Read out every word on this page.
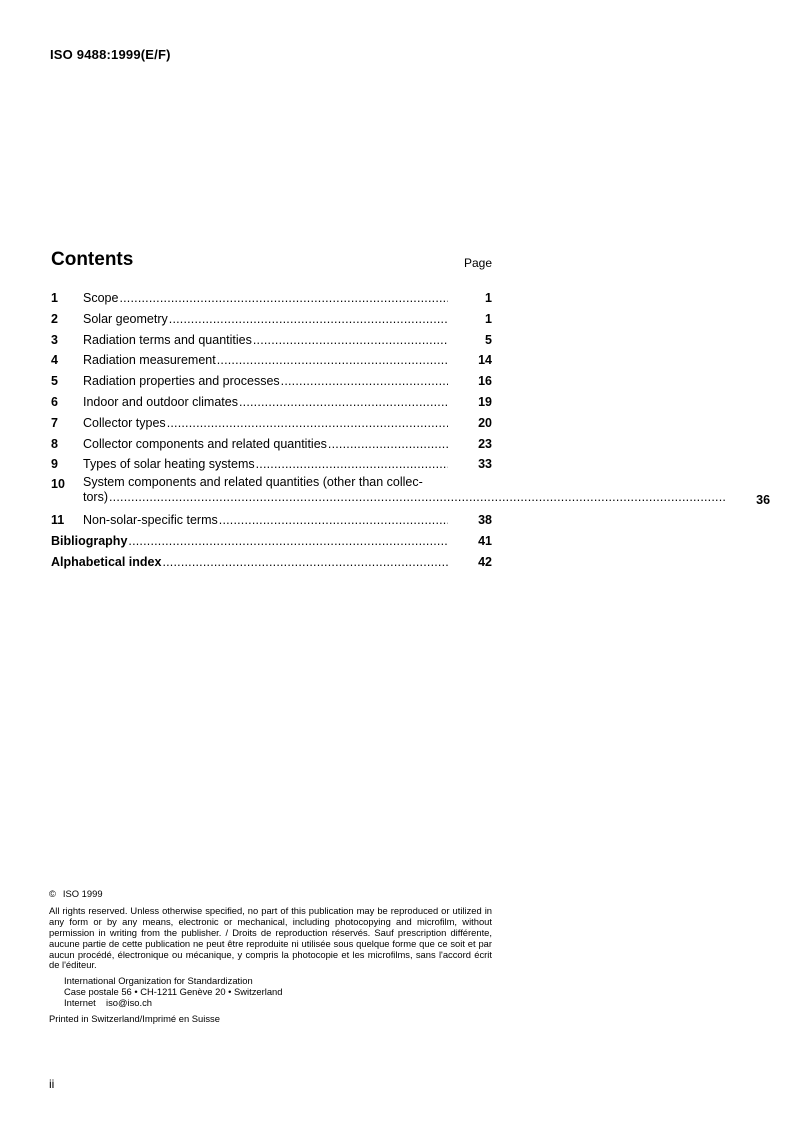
ISO 9488:1999(E/F)
Contents	Page
1	Scope .....	1
2	Solar geometry .....	1
3	Radiation terms and quantities .....	5
4	Radiation measurement .....	14
5	Radiation properties and processes .....	16
6	Indoor and outdoor climates .....	19
7	Collector types .....	20
8	Collector components and related quantities .....	23
9	Types of solar heating systems .....	33
10	System components and related quantities (other than collec-
tors) .....	36
11	Non-solar-specific terms .....	38
Bibliography .....	41
Alphabetical index .....	42
© ISO 1999
All rights reserved. Unless otherwise specified, no part of this publication may be reproduced or utilized in any form or by any means, electronic or mechanical, including photocopying and microfilm, without permission in writing from the publisher. / Droits de reproduction réservés. Sauf prescription différente, aucune partie de cette publication ne peut être reproduite ni utilisée sous quelque forme que ce soit et par aucun procédé, électronique ou mécanique, y compris la photocopie et les microfilms, sans l'accord écrit de l'éditeur.
International Organization for Standardization
Case postale 56 • CH-1211 Genève 20 • Switzerland
Internet iso@iso.ch
Printed in Switzerland/Imprimé en Suisse
ii
